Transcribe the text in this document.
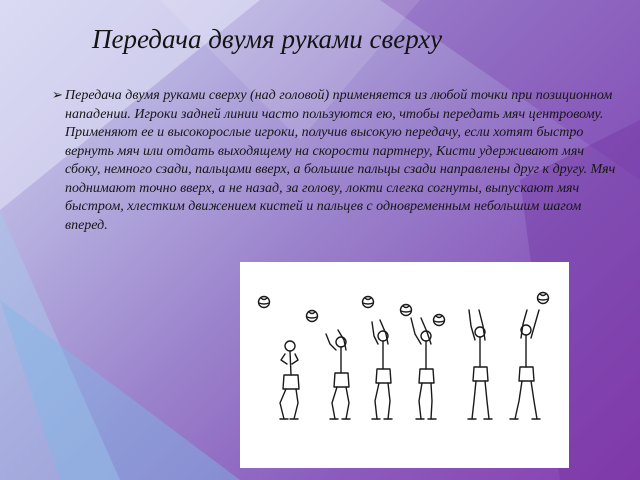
Передача двумя руками сверху
➢ Передача двумя руками сверху (над головой) применяется из любой точки при позиционном нападении. Игроки задней линии часто пользуются ею, чтобы передать мяч центровому. Применяют ее и высокорослые игроки, получив высокую передачу, если хотят быстро вернуть мяч или отдать выходящему на скорости партнеру, Кисти удерживают мяч сбоку, немного сзади, пальцами вверх, а большие пальцы сзади направлены друг к другу. Мяч поднимают точно вверх, а не назад, за голову, локти слегка согнуты, выпускают мяч быстром, хлестким движением кистей и пальцев с одновременным небольшим шагом вперед.
